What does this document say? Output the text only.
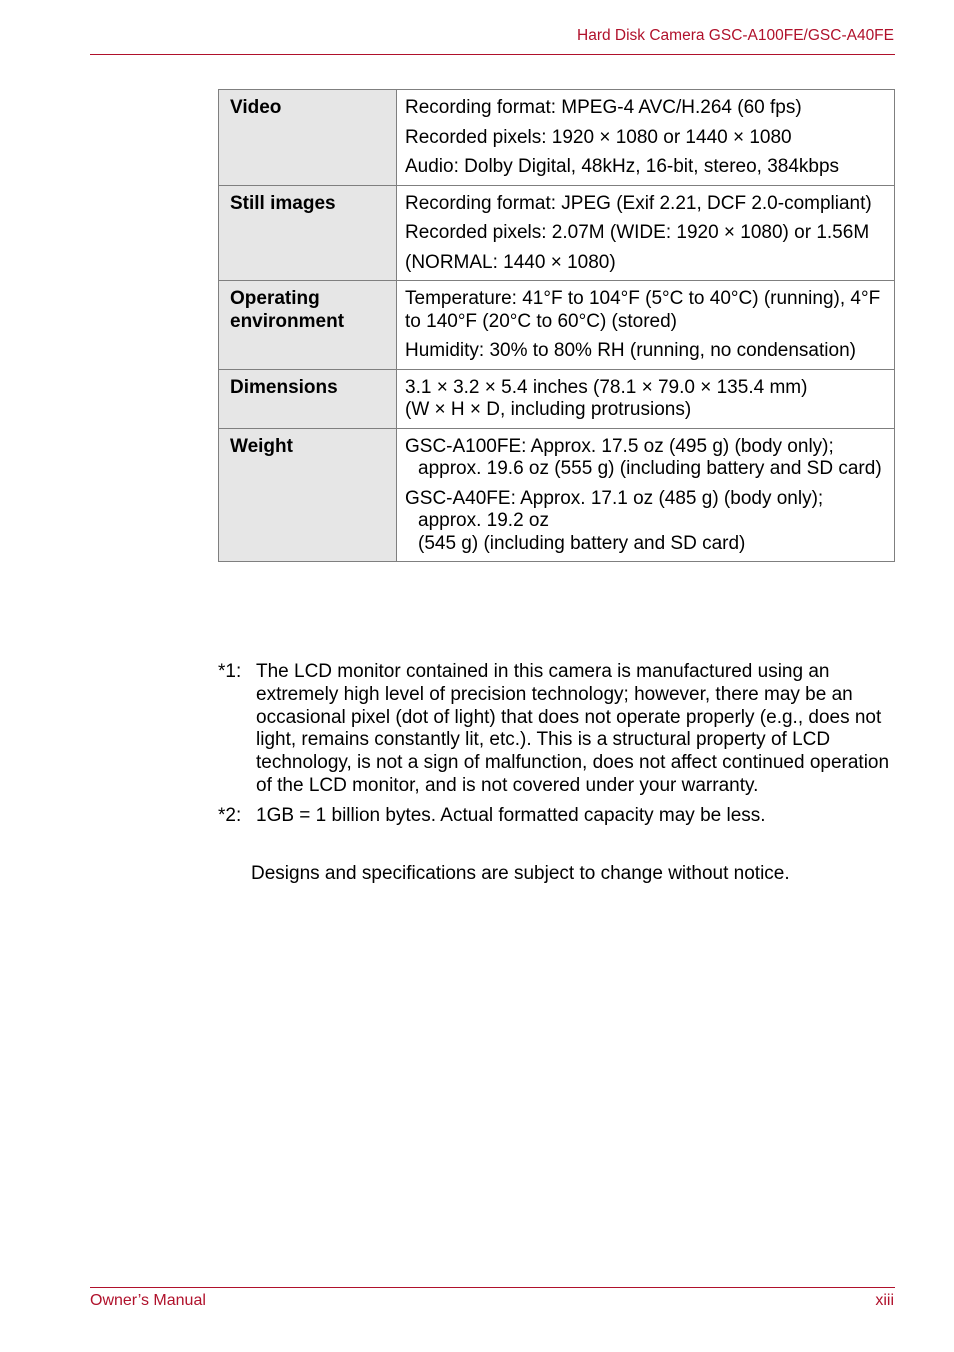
Hard Disk Camera GSC-A100FE/GSC-A40FE
Video	Recording format: MPEG-4 AVC/H.264 (60 fps)

Recorded pixels: 1920 × 1080 or 1440 × 1080

Audio: Dolby Digital, 48kHz, 16-bit, stereo, 384kbps

Still images	Recording format: JPEG (Exif 2.21, DCF 2.0-compliant)

Recorded pixels: 2.07M (WIDE: 1920 × 1080) or 1.56M

(NORMAL: 1440 × 1080)

Operating environment	Temperature: 41°F to 104°F (5°C to 40°C) (running), 4°F to 140°F (20°C to 60°C) (stored)

Humidity: 30% to 80% RH (running, no condensation)

Dimensions	3.1 × 3.2 × 5.4 inches (78.1 × 79.0 × 135.4 mm)
(W × H × D, including protrusions)

Weight	GSC-A100FE: Approx. 17.5 oz (495 g) (body only); approx. 19.6 oz (555 g) (including battery and SD card)

GSC-A40FE: Approx. 17.1 oz (485 g) (body only); approx. 19.2 oz
(545 g) (including battery and SD card)

*1: The LCD monitor contained in this camera is manufactured using an extremely high level of precision technology; however, there may be an occasional pixel (dot of light) that does not operate properly (e.g., does not light, remains constantly lit, etc.). This is a structural property of LCD technology, is not a sign of malfunction, does not affect continued operation of the LCD monitor, and is not covered under your warranty.
*2: 1GB = 1 billion bytes. Actual formatted capacity may be less.
Designs and specifications are subject to change without notice.
Owner’s Manual	xiii
